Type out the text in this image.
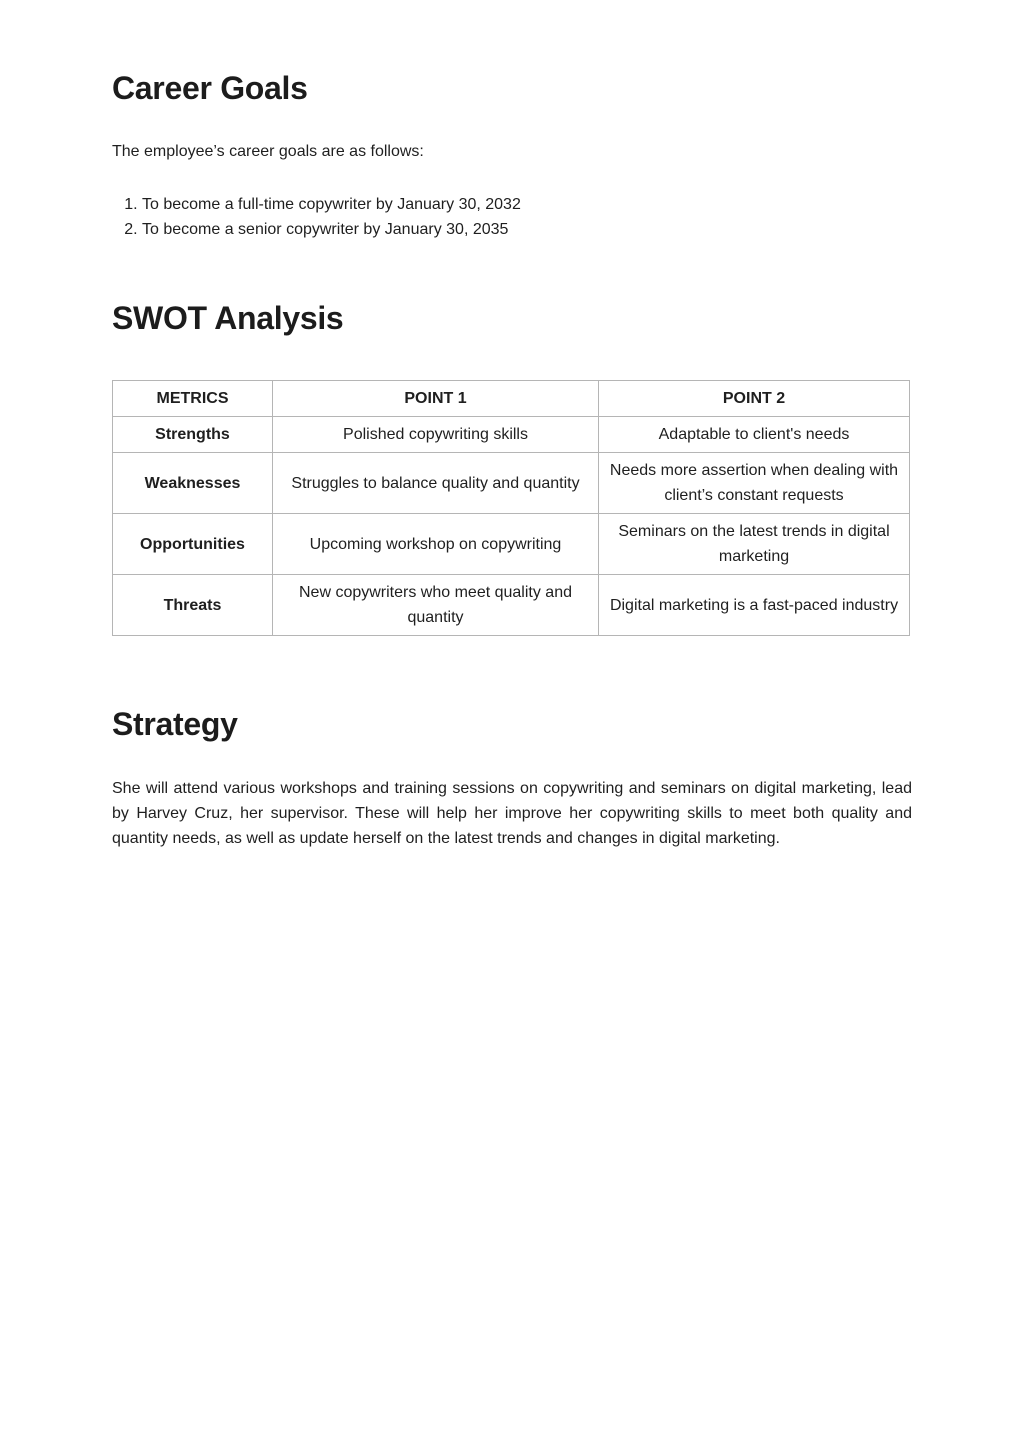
Career Goals

The employee’s career goals are as follows:

1. To become a full-time copywriter by January 30, 2032
2. To become a senior copywriter by January 30, 2035
SWOT Analysis
METRICS	POINT 1	POINT 2
Strengths	Polished copywriting skills	Adaptable to client's needs
Weaknesses	Struggles to balance quality and quantity	Needs more assertion when dealing with client’s constant requests
Opportunities	Upcoming workshop on copywriting	Seminars on the latest trends in digital marketing
Threats	New copywriters who meet quality and quantity	Digital marketing is a fast-paced industry
Strategy

She will attend various workshops and training sessions on copywriting and seminars on digital marketing, lead by Harvey Cruz, her supervisor. These will help her improve her copywriting skills to meet both quality and quantity needs, as well as update herself on the latest trends and changes in digital marketing.
